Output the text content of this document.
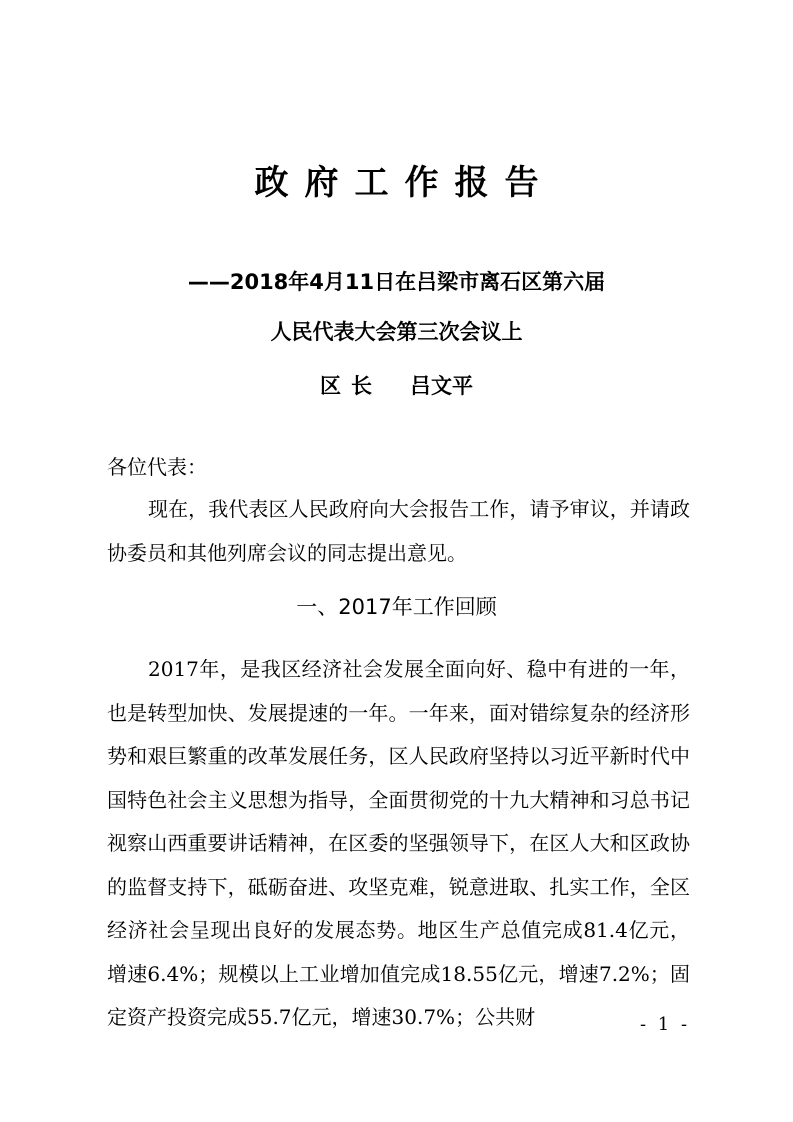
政府工作报告
——2018年4月11日在吕梁市离石区第六届
人民代表大会第三次会议上
区长 吕文平
各位代表：
现在，我代表区人民政府向大会报告工作，请予审议，并请政协委员和其他列席会议的同志提出意见。
一、2017年工作回顾
2017年，是我区经济社会发展全面向好、稳中有进的一年，也是转型加快、发展提速的一年。一年来，面对错综复杂的经济形势和艰巨繁重的改革发展任务，区人民政府坚持以习近平新时代中国特色社会主义思想为指导，全面贯彻党的十九大精神和习总书记视察山西重要讲话精神，在区委的坚强领导下，在区人大和区政协的监督支持下，砥砺奋进、攻坚克难，锐意进取、扎实工作，全区经济社会呈现出良好的发展态势。地区生产总值完成81.4亿元，增速6.4%；规模以上工业增加值完成18.55亿元，增速7.2%；固定资产投资完成55.7亿元，增速30.7%；公共财	- 1 -
